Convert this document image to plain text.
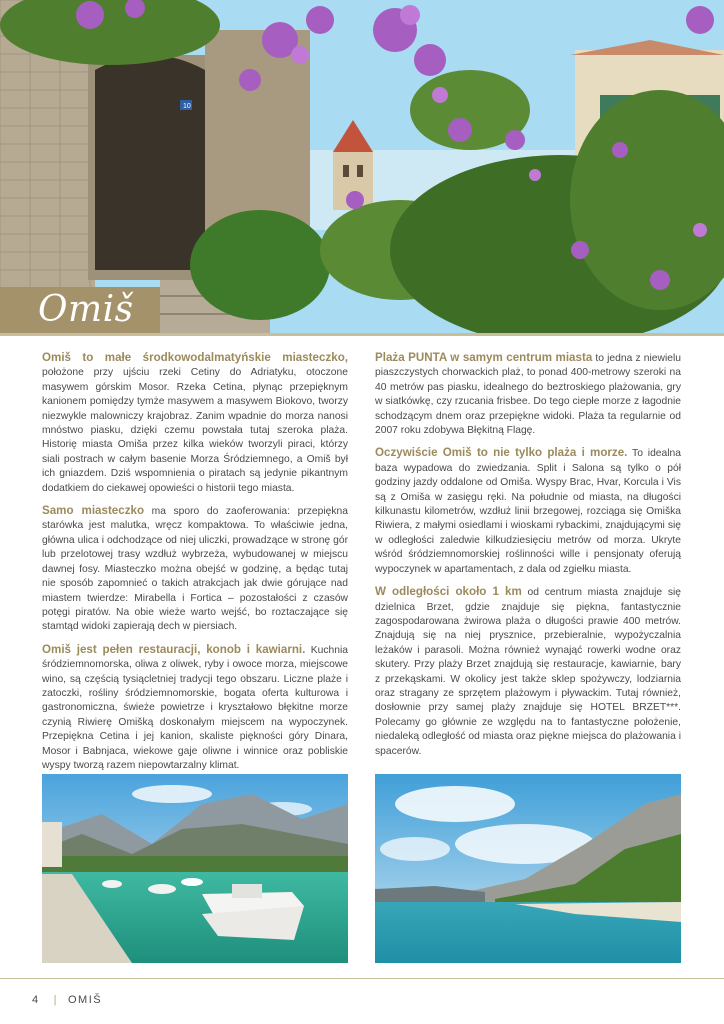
10
Omiš

Omiš to małe środkowodalmatyńskie miasteczko, położone przy ujściu rzeki Cetiny do Adriatyku, otoczone masywem górskim Mosor. Rzeka Cetina, płynąc przepięknym kanionem pomiędzy tymże masywem a masywem Biokovo, tworzy niezwykle malowniczy krajobraz. Zanim wpadnie do morza nanosi mnóstwo piasku, dzięki czemu powstała tutaj szeroka plaża. Historię miasta Omiša przez kilka wieków tworzyli piraci, którzy siali postrach w całym basenie Morza Śródziemnego, a Omiš był ich gniazdem. Dziś wspomnienia o piratach są jedynie pikantnym dodatkiem do ciekawej opowieści o historii tego miasta.

Samo miasteczko ma sporo do zaoferowania: przepiękna starówka jest malutka, wręcz kompaktowa. To właściwie jedna, główna ulica i odchodzące od niej uliczki, prowadzące w stronę gór lub przelotowej trasy wzdłuż wybrzeża, wybudowanej w miejscu dawnej fosy. Miasteczko można obejść w godzinę, a będąc tutaj nie sposób zapomnieć o takich atrakcjach jak dwie górujące nad miastem twierdze: Mirabella i Fortica – pozostałości z czasów potęgi piratów. Na obie wieże warto wejść, bo roztaczające się stamtąd widoki zapierają dech w piersiach.

Omiš jest pełen restauracji, konob i kawiarni. Kuchnia śródziemnomorska, oliwa z oliwek, ryby i owoce morza, miejscowe wino, są częścią tysiącletniej tradycji tego obszaru. Liczne plaże i zatoczki, rośliny śródziemnomorskie, bogata oferta kulturowa i gastronomiczna, świeże powietrze i kryształowo błękitne morze czynią Riwierę Omišką doskonałym miejscem na wypoczynek. Przepiękna Cetina i jej kanion, skaliste piękności góry Dinara, Mosor i Babnjaca, wiekowe gaje oliwne i winnice oraz pobliskie wyspy tworzą razem niepowtarzalny klimat.

Plaża PUNTA w samym centrum miasta to jedna z niewielu piaszczystych chorwackich plaż, to ponad 400-metrowy szeroki na 40 metrów pas piasku, idealnego do beztroskiego plażowania, gry w siatkówkę, czy rzucania frisbee. Do tego ciepłe morze z łagodnie schodzącym dnem oraz przepiękne widoki. Plaża ta regularnie od 2007 roku zdobywa Błękitną Flagę.

Oczywiście Omiš to nie tylko plaża i morze. To idealna baza wypadowa do zwiedzania. Split i Salona są tylko o pół godziny jazdy oddalone od Omiša. Wyspy Brac, Hvar, Korcula i Vis są z Omiša w zasięgu ręki. Na południe od miasta, na długości kilkunastu kilometrów, wzdłuż linii brzegowej, rozciąga się Omiška Riwiera, z małymi osiedlami i wioskami rybackimi, znajdującymi się w odległości zaledwie kilkudziesięciu metrów od morza. Ukryte wśród śródziemnomorskiej roślinności wille i pensjonaty oferują wypoczynek w apartamentach, z dala od zgiełku miasta.

W odległości około 1 km od centrum miasta znajduje się dzielnica Brzet, gdzie znajduje się piękna, fantastycznie zagospodarowana żwirowa plaża o długości prawie 400 metrów. Znajdują się na niej prysznice, przebieralnie, wypożyczalnia leżaków i parasoli. Można również wynająć rowerki wodne oraz skutery. Przy plaży Brzet znajdują się restauracje, kawiarnie, bary z przekąskami. W okolicy jest także sklep spożywczy, lodziarnia oraz stragany ze sprzętem plażowym i pływackim. Tutaj również, dosłownie przy samej plaży znajduje się HOTEL BRZET***. Polecamy go głównie ze względu na to fantastyczne położenie, niedaleką odległość od miasta oraz piękne miejsca do plażowania i spacerów.

4 | OMIŠ
